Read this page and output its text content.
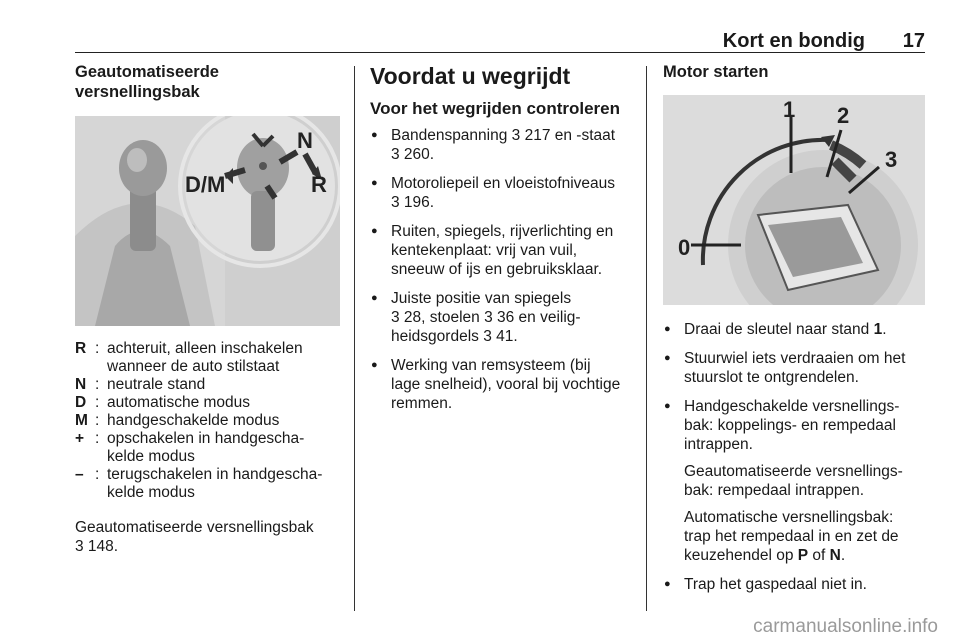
Kort en bondig 17

Geautomatiseerde

versnellingsbak

D/M
N
R
R : achteruit, alleen inschakelen
wanneer de auto stilstaat
N : neutrale stand
D : automatische modus
M : handgeschakelde modus
+ : opschakelen in handgescha-
kelde modus
– : terugschakelen in handgescha-
kelde modus

Geautomatiseerde versnellingsbak

3 148.

Voordat u wegrijdt

Voor het wegrijden controleren

● Bandenspanning 3 217 en -staat
3 260.
● Motoroliepeil en vloeistofniveaus
3 196.
● Ruiten, spiegels, rijverlichting en
kentekenplaat: vrij van vuil,
sneeuw of ijs en gebruiksklaar.
● Juiste positie van spiegels
3 28, stoelen 3 36 en veilig-
heidsgordels 3 41.
● Werking van remsysteem (bij
lage snelheid), vooral bij vochtige
remmen.

Motor starten

1 2
3
0
● Draai de sleutel naar stand 1.
● Stuurwiel iets verdraaien om het
stuurslot te ontgrendelen.
● Handgeschakelde versnellings-
bak: koppelings- en rempedaal
intrappen.
Geautomatiseerde versnellings-
bak: rempedaal intrappen.
Automatische versnellingsbak:
trap het rempedaal in en zet de
keuzehendel op P of N.
● Trap het gaspedaal niet in.
carmanualsonline.info
